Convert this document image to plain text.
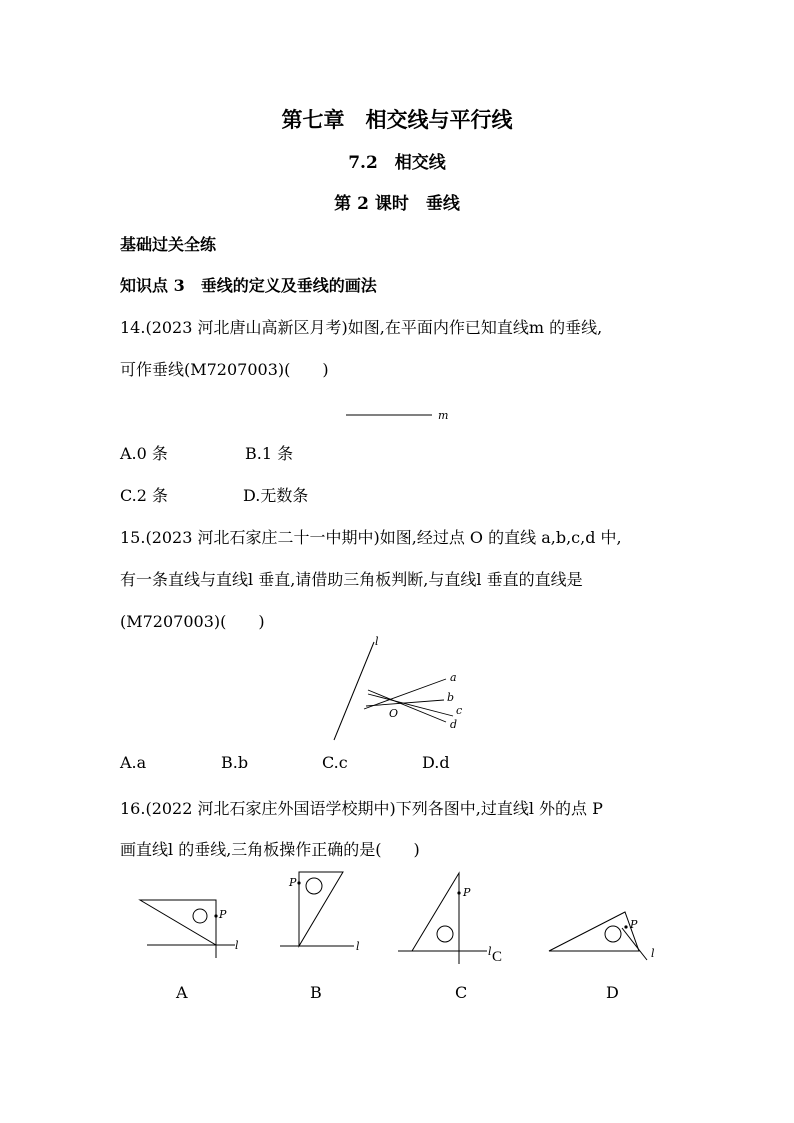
第七章　相交线与平行线
7.2　相交线
第 2 课时　垂线
基础过关全练
知识点 3　垂线的定义及垂线的画法
14.(2023 河北唐山高新区月考)如图,在平面内作已知直线m 的垂线,
可作垂线(M7207003)(　　)
m
A.0 条	B.1 条
C.2 条	D.无数条
15.(2023 河北石家庄二十一中期中)如图,经过点 O 的直线 a,b,c,d 中,
有一条直线与直线l 垂直,请借助三角板判断,与直线l 垂直的直线是
(M7207003)(　　)
l
a
b
c
d
O
A.a	B.b	C.c	D.d
16.(2022 河北石家庄外国语学校期中)下列各图中,过直线l 外的点 P
画直线l 的垂线,三角板操作正确的是(　　)
P
l
P
l
P
l C
P
l
A	B	C	D
